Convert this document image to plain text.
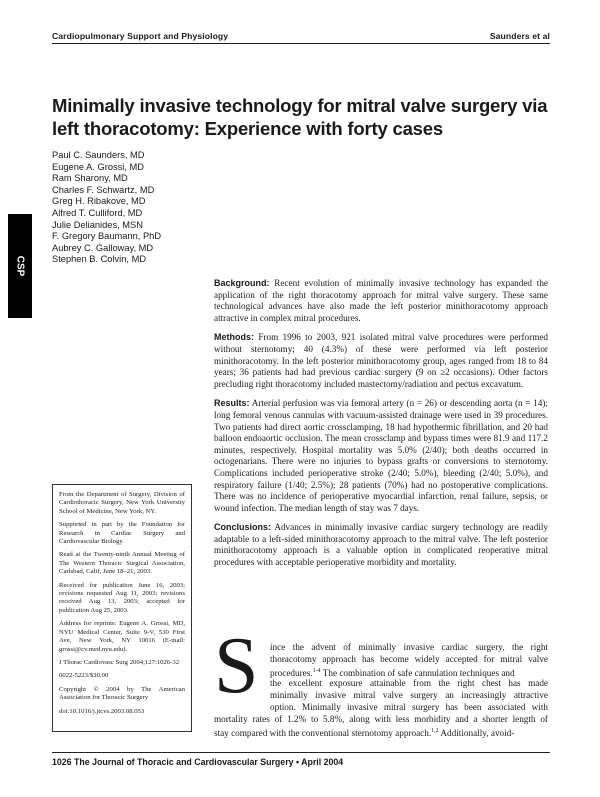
Cardiopulmonary Support and Physiology	Saunders et al
CSP
Minimally invasive technology for mitral valve surgery via left thoracotomy: Experience with forty cases
Paul C. Saunders, MD
Eugene A. Grossi, MD
Ram Sharony, MD
Charles F. Schwartz, MD
Greg H. Ribakove, MD
Alfred T. Culliford, MD
Julie Delianides, MSN
F. Gregory Baumann, PhD
Aubrey C. Galloway, MD
Stephen B. Colvin, MD

Background: Recent evolution of minimally invasive technology has expanded the application of the right thoracotomy approach for mitral valve surgery. These same technological advances have also made the left posterior minithoracotomy approach attractive in complex mitral procedures.

Methods: From 1996 to 2003, 921 isolated mitral valve procedures were performed without sternotomy; 40 (4.3%) of these were performed via left posterior minithoracotomy. In the left posterior minithoracotomy group, ages ranged from 18 to 84 years; 36 patients had had previous cardiac surgery (9 on ≥2 occasions). Other factors precluding right thoracotomy included mastectomy/radiation and pectus excavatum.

Results: Arterial perfusion was via femoral artery (n = 26) or descending aorta (n = 14); long femoral venous cannulas with vacuum-assisted drainage were used in 39 procedures. Two patients had direct aortic crossclamping, 18 had hypothermic fibrillation, and 20 had balloon endoaortic occlusion. The mean crossclamp and bypass times were 81.9 and 117.2 minutes, respectively. Hospital mortality was 5.0% (2/40); both deaths occurred in octogenarians. There were no injuries to bypass grafts or conversions to sternotomy. Complications included perioperative stroke (2/40; 5.0%), bleeding (2/40; 5.0%), and respiratory failure (1/40; 2.5%); 28 patients (70%) had no postoperative complications. There was no incidence of perioperative myocardial infarction, renal failure, sepsis, or wound infection. The median length of stay was 7 days.

Conclusions: Advances in minimally invasive cardiac surgery technology are readily adaptable to a left-sided minithoracotomy approach to the mitral valve. The left posterior minithoracotomy approach is a valuable option in complicated reoperative mitral procedures with acceptable perioperative morbidity and mortality.

From the Department of Surgery, Division of Cardiothoracic Surgery, New York University School of Medicine, New York, NY.

Supported in part by the Foundation for Research in Cardiac Surgery and Cardiovascular Biology.

Read at the Twenty-ninth Annual Meeting of The Western Thoracic Surgical Association, Carlsbad, Calif, June 18–21, 2003.

Received for publication June 16, 2003; revisions requested Aug 11, 2003; revisions received Aug 13, 2003; accepted for publication Aug 25, 2003.

Address for reprints: Eugene A. Grossi, MD, NYU Medical Center, Suite 9-V, 530 First Ave, New York, NY 10016 (E-mail: grossi@cv.med.nyu.edu).

J Thorac Cardiovasc Surg 2004;127:1026-32

0022-5223/$30.00

Copyright © 2004 by The American Association for Thoracic Surgery

doi:10.1016/j.jtcvs.2003.08.053

S ince the advent of minimally invasive cardiac surgery, the right
thoracotomy approach has become widely accepted for mitral valve
procedures.$^{1-4}$ The combination of safe cannulation techniques and
the excellent exposure attainable from the right chest has made
minimally invasive mitral valve surgery an increasingly attractive
option. Minimally invasive mitral surgery has been associated with
mortality rates of 1.2% to 5.8%, along with less morbidity and a shorter length of
stay compared with the conventional sternotomy approach.$^{1,2}$ Additionally, avoid-
1026 The Journal of Thoracic and Cardiovascular Surgery • April 2004
